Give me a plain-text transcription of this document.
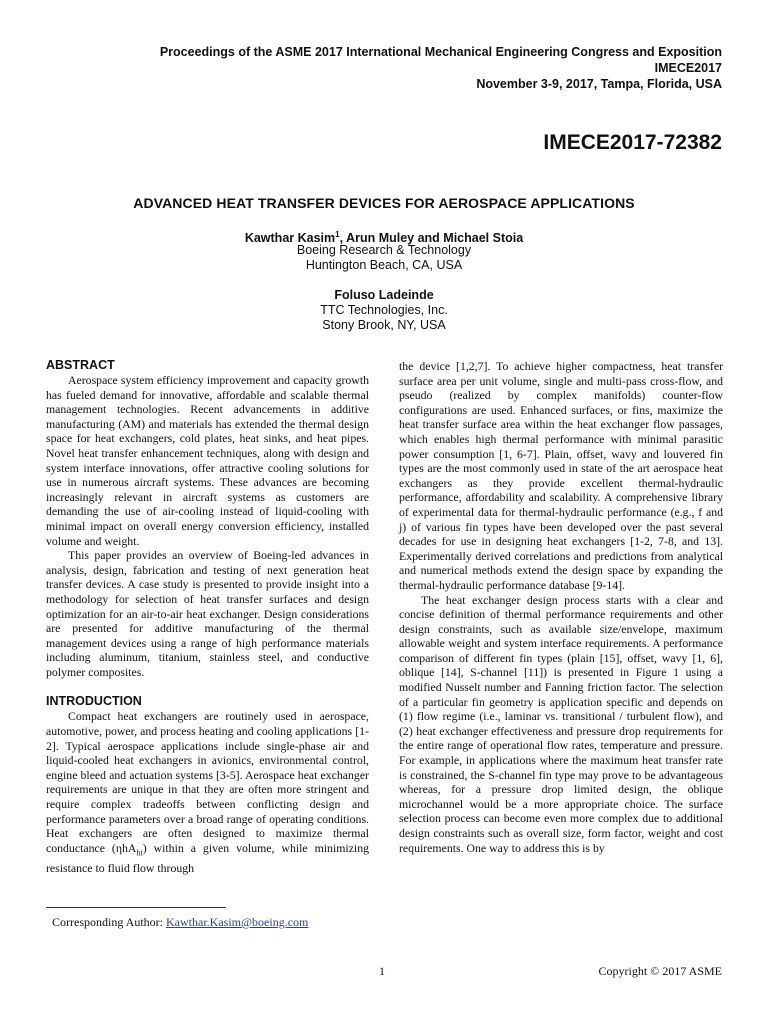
Proceedings of the ASME 2017 International Mechanical Engineering Congress and Exposition
IMECE2017
November 3-9, 2017, Tampa, Florida, USA
IMECE2017-72382
ADVANCED HEAT TRANSFER DEVICES FOR AEROSPACE APPLICATIONS
Kawthar Kasim$^1$, Arun Muley and Michael Stoia
Boeing Research & Technology
Huntington Beach, CA, USA
Foluso Ladeinde
TTC Technologies, Inc.
Stony Brook, NY, USA
ABSTRACT

Aerospace system efficiency improvement and capacity growth has fueled demand for innovative, affordable and scalable thermal management technologies. Recent advancements in additive manufacturing (AM) and materials has extended the thermal design space for heat exchangers, cold plates, heat sinks, and heat pipes. Novel heat transfer enhancement techniques, along with design and system interface innovations, offer attractive cooling solutions for use in numerous aircraft systems. These advances are becoming increasingly relevant in aircraft systems as customers are demanding the use of air-cooling instead of liquid-cooling with minimal impact on overall energy conversion efficiency, installed volume and weight.

This paper provides an overview of Boeing-led advances in analysis, design, fabrication and testing of next generation heat transfer devices. A case study is presented to provide insight into a methodology for selection of heat transfer surfaces and design optimization for an air-to-air heat exchanger. Design considerations are presented for additive manufacturing of the thermal management devices using a range of high performance materials including aluminum, titanium, stainless steel, and conductive polymer composites.

INTRODUCTION

Compact heat exchangers are routinely used in aerospace, automotive, power, and process heating and cooling applications [1-2]. Typical aerospace applications include single-phase air and liquid-cooled heat exchangers in avionics, environmental control, engine bleed and actuation systems [3-5]. Aerospace heat exchanger requirements are unique in that they are often more stringent and require complex tradeoffs between conflicting design and performance parameters over a broad range of operating conditions. Heat exchangers are often designed to maximize thermal conductance (ηhA$_{ht}$) within a given volume, while minimizing resistance to fluid flow through

the device [1,2,7]. To achieve higher compactness, heat transfer surface area per unit volume, single and multi-pass cross-flow, and pseudo (realized by complex manifolds) counter-flow configurations are used. Enhanced surfaces, or fins, maximize the heat transfer surface area within the heat exchanger flow passages, which enables high thermal performance with minimal parasitic power consumption [1, 6-7]. Plain, offset, wavy and louvered fin types are the most commonly used in state of the art aerospace heat exchangers as they provide excellent thermal-hydraulic performance, affordability and scalability. A comprehensive library of experimental data for thermal-hydraulic performance (e.g., f and j) of various fin types have been developed over the past several decades for use in designing heat exchangers [1-2, 7-8, and 13]. Experimentally derived correlations and predictions from analytical and numerical methods extend the design space by expanding the thermal-hydraulic performance database [9-14].

The heat exchanger design process starts with a clear and concise definition of thermal performance requirements and other design constraints, such as available size/envelope, maximum allowable weight and system interface requirements. A performance comparison of different fin types (plain [15], offset, wavy [1, 6], oblique [14], S-channel [11]) is presented in Figure 1 using a modified Nusselt number and Fanning friction factor. The selection of a particular fin geometry is application specific and depends on (1) flow regime (i.e., laminar vs. transitional / turbulent flow), and (2) heat exchanger effectiveness and pressure drop requirements for the entire range of operational flow rates, temperature and pressure. For example, in applications where the maximum heat transfer rate is constrained, the S-channel fin type may prove to be advantageous whereas, for a pressure drop limited design, the oblique microchannel would be a more appropriate choice. The surface selection process can become even more complex due to additional design constraints such as overall size, form factor, weight and cost requirements. One way to address this is by

Corresponding Author: Kawthar.Kasim@boeing.com
1	Copyright © 2017 ASME
